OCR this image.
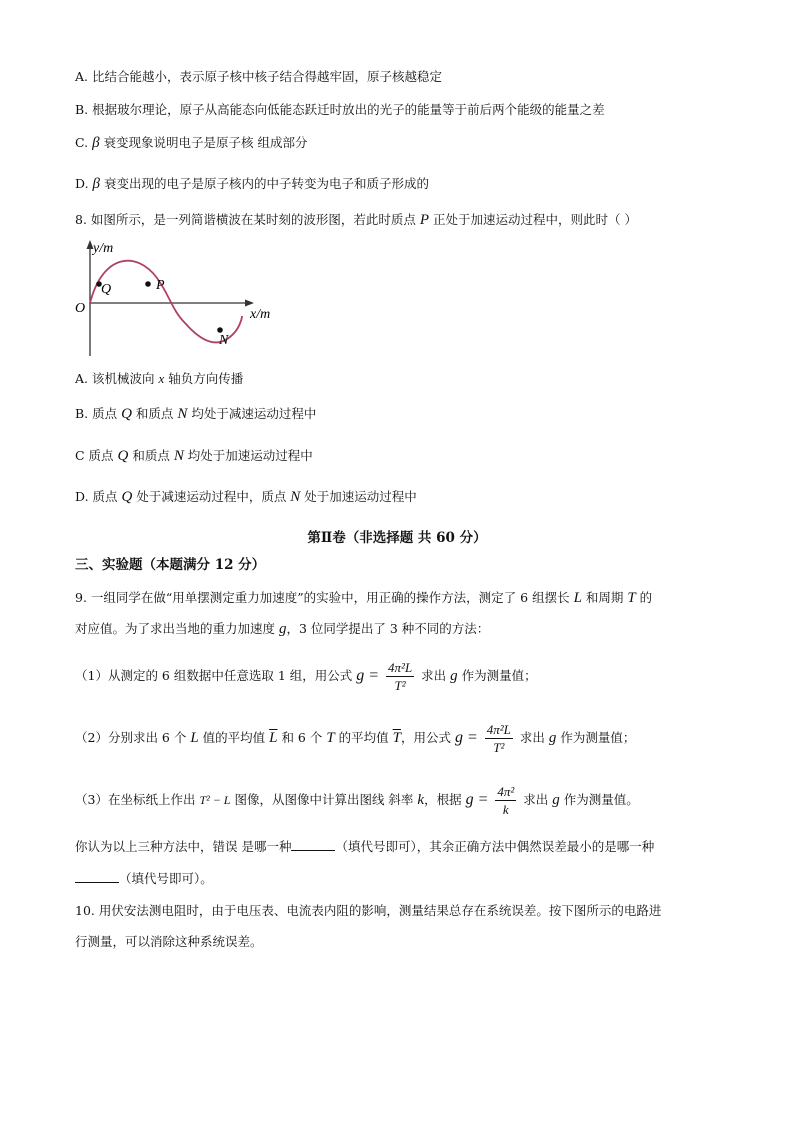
A. 比结合能越小，表示原子核中核子结合得越牢固，原子核越稳定
B. 根据玻尔理论，原子从高能态向低能态跃迁时放出的光子的能量等于前后两个能级的能量之差
C. β 衰变现象说明电子是原子核 组成部分
D. β 衰变出现的电子是原子核内的中子转变为电子和质子形成的
8. 如图所示，是一列简谐横波在某时刻的波形图，若此时质点 P 正处于加速运动过程中，则此时（ ）
y/m
x/m
O
Q	P
N
A. 该机械波向 x 轴负方向传播
B. 质点 Q 和质点 N 均处于减速运动过程中
C 质点 Q 和质点 N 均处于加速运动过程中
D. 质点 Q 处于减速运动过程中，质点 N 处于加速运动过程中
第Ⅱ卷（非选择题 共 60 分）
三、实验题（本题满分 12 分）
9. 一组同学在做“用单摆测定重力加速度”的实验中，用正确的操作方法，测定了 6 组摆长 L 和周期 T 的
对应值。为了求出当地的重力加速度 g，3 位同学提出了 3 种不同的方法：
（1）从测定的 6 组数据中任意选取 1 组，用公式 $g = \frac{\text{4π²L}}{\text{T²}}$ 求出 g 作为测量值；
（2）分别求出 6 个 L 值的平均值 $\overline{L}$ 和 6 个 T 的平均值 $\overline{T}$，用公式 $g = \frac{\text{4π²L}}{\text{T²}}$ 求出 g 作为测量值；
（3）在坐标纸上作出 T² − L 图像，从图像中计算出图线 斜率 k，根据 $g = \frac{\text{4π²}}{k}$ 求出 g 作为测量值。
你认为以上三种方法中，错误 是哪一种	（填代号即可），其余正确方法中偶然误差最小的是哪一种
（填代号即可）。
10. 用伏安法测电阻时，由于电压表、电流表内阻的影响，测量结果总存在系统误差。按下图所示的电路进
行测量，可以消除这种系统误差。
